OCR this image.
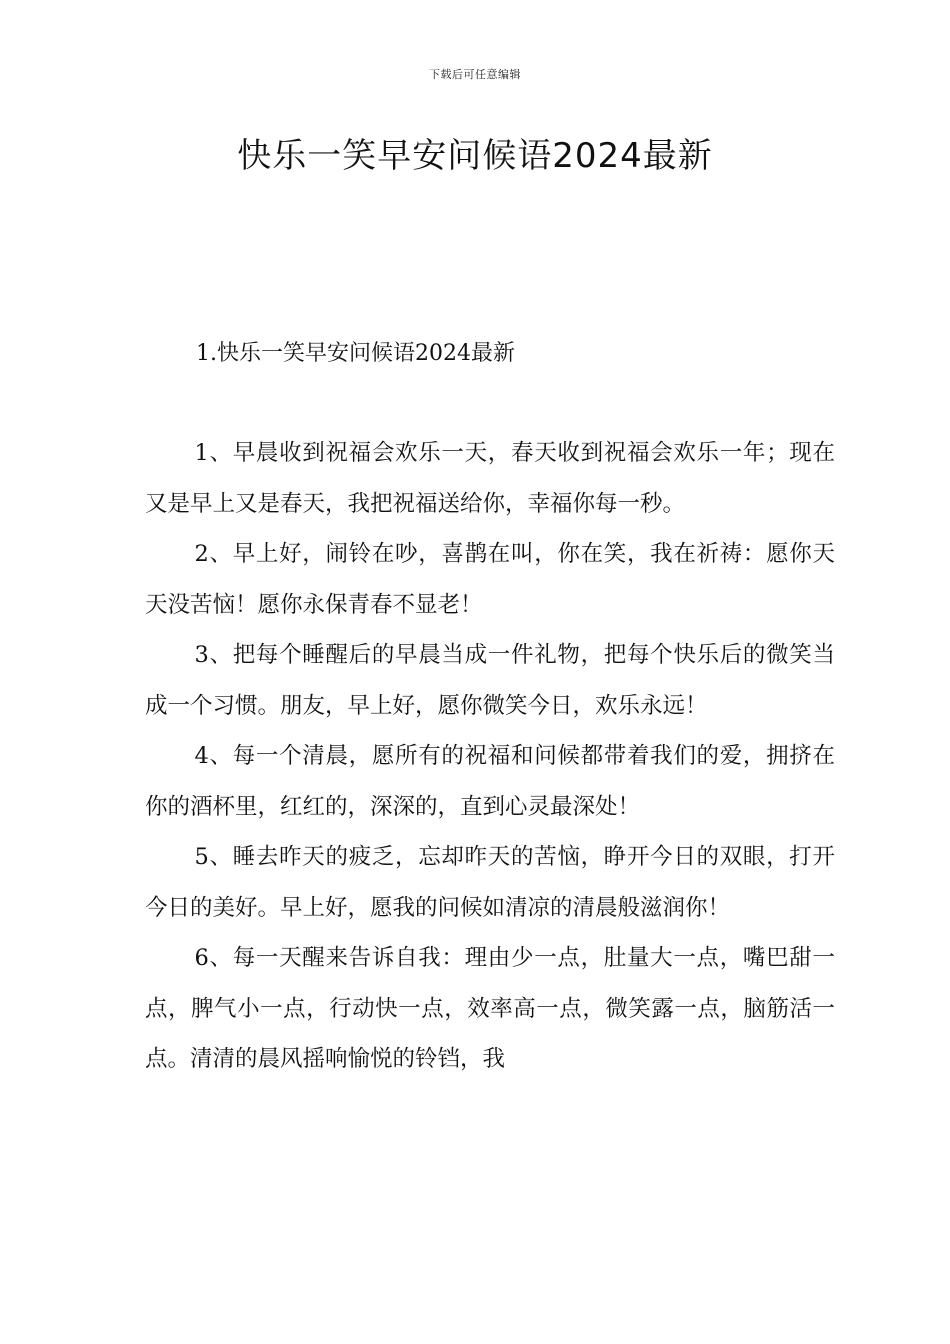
下载后可任意编辑
快乐一笑早安问候语2024最新
1.快乐一笑早安问候语2024最新

1、早晨收到祝福会欢乐一天，春天收到祝福会欢乐一年；现在又是早上又是春天，我把祝福送给你，幸福你每一秒。

2、早上好，闹铃在吵，喜鹊在叫，你在笑，我在祈祷：愿你天天没苦恼！愿你永保青春不显老！

3、把每个睡醒后的早晨当成一件礼物，把每个快乐后的微笑当成一个习惯。朋友，早上好，愿你微笑今日，欢乐永远！

4、每一个清晨，愿所有的祝福和问候都带着我们的爱，拥挤在你的酒杯里，红红的，深深的，直到心灵最深处！

5、睡去昨天的疲乏，忘却昨天的苦恼，睁开今日的双眼，打开今日的美好。早上好，愿我的问候如清凉的清晨般滋润你！

6、每一天醒来告诉自我：理由少一点，肚量大一点，嘴巴甜一点，脾气小一点，行动快一点，效率高一点，微笑露一点，脑筋活一点。清清的晨风摇响愉悦的铃铛，我
